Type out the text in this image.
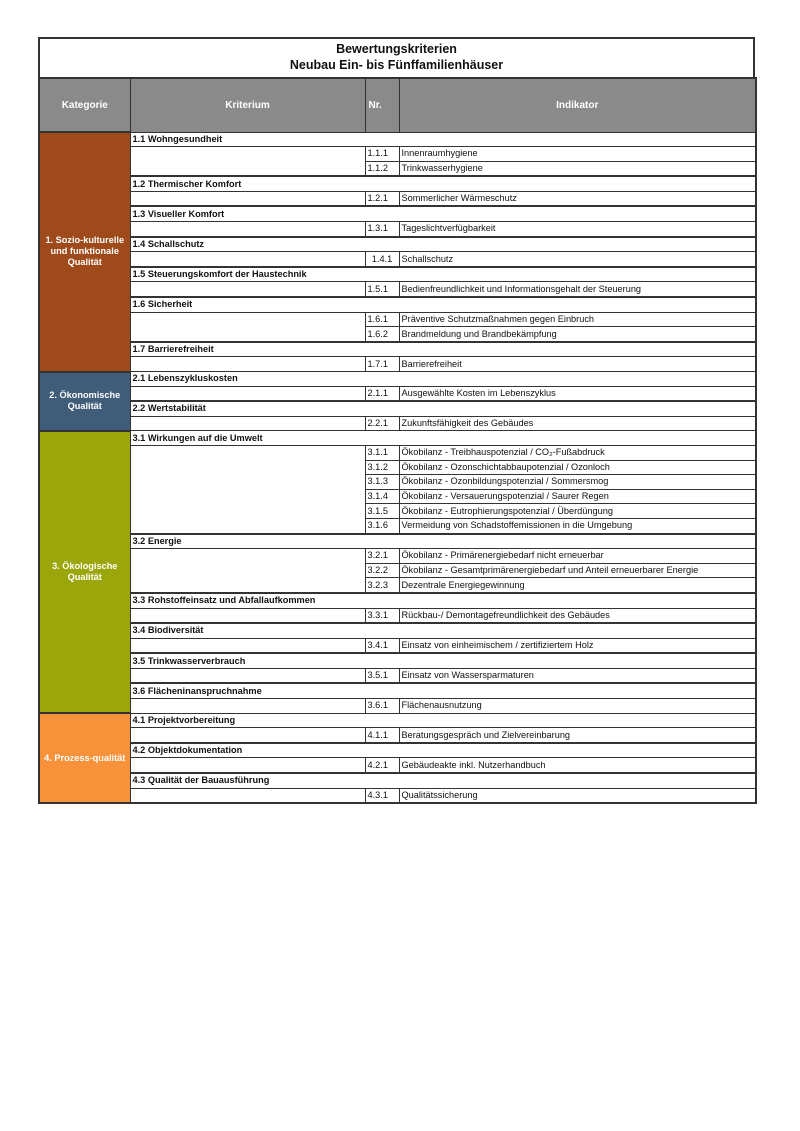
Bewertungskriterien
Neubau Ein- bis Fünffamilienhäuser
Kategorie	Kriterium	Nr.	Indikator
1. Sozio-kulturelle und funktionale Qualität	1.1 Wohngesundheit		
		1.1.1	Innenraumhygiene
		1.1.2	Trinkwasserhygiene
	1.2 Thermischer Komfort		
		1.2.1	Sommerlicher Wärmeschutz
	1.3 Visueller Komfort		
		1.3.1	Tageslichtverfügbarkeit
	1.4 Schallschutz		
		1.4.1	Schallschutz
	1.5 Steuerungskomfort der Haustechnik		
		1.5.1	Bedienfreundlichkeit und Informationsgehalt der Steuerung
	1.6 Sicherheit		
		1.6.1	Präventive Schutzmaßnahmen gegen Einbruch
		1.6.2	Brandmeldung und Brandbekämpfung
	1.7 Barrierefreiheit		
		1.7.1	Barrierefreiheit
2. Ökonomische Qualität	2.1 Lebenszykluskosten		
		2.1.1	Ausgewählte Kosten im Lebenszyklus
	2.2 Wertstabilität		
		2.2.1	Zukunftsfähigkeit des Gebäudes
3. Ökologische Qualität	3.1 Wirkungen auf die Umwelt		
		3.1.1	Ökobilanz - Treibhauspotenzial / CO₂-Fußabdruck
		3.1.2	Ökobilanz - Ozonschichtabbaupotenzial / Ozonloch
		3.1.3	Ökobilanz - Ozonbildungspotenzial / Sommersmog
		3.1.4	Ökobilanz - Versauerungspotenzial / Saurer Regen
		3.1.5	Ökobilanz - Eutrophierungspotenzial / Überdüngung
		3.1.6	Vermeidung von Schadstoffemissionen in die Umgebung
	3.2 Energie		
		3.2.1	Ökobilanz - Primärenergiebedarf nicht erneuerbar
		3.2.2	Ökobilanz - Gesamtprimärenergiebedarf und Anteil erneuerbarer Energie
		3.2.3	Dezentrale Energiegewinnung
	3.3 Rohstoffeinsatz und Abfallaufkommen		
		3.3.1	Rückbau-/ Demontagefreundlichkeit des Gebäudes
	3.4 Biodiversität		
		3.4.1	Einsatz von einheimischem / zertifiziertem Holz
	3.5 Trinkwasserverbrauch		
		3.5.1	Einsatz von Wassersparmaturen
	3.6 Flächeninanspruchnahme		
		3.6.1	Flächenausnutzung
4. Prozess-qualität	4.1 Projektvorbereitung		
		4.1.1	Beratungsgespräch und Zielvereinbarung
	4.2 Objektdokumentation		
		4.2.1	Gebäudeakte inkl. Nutzerhandbuch
	4.3 Qualität der Bauausführung		
		4.3.1	Qualitätssicherung
